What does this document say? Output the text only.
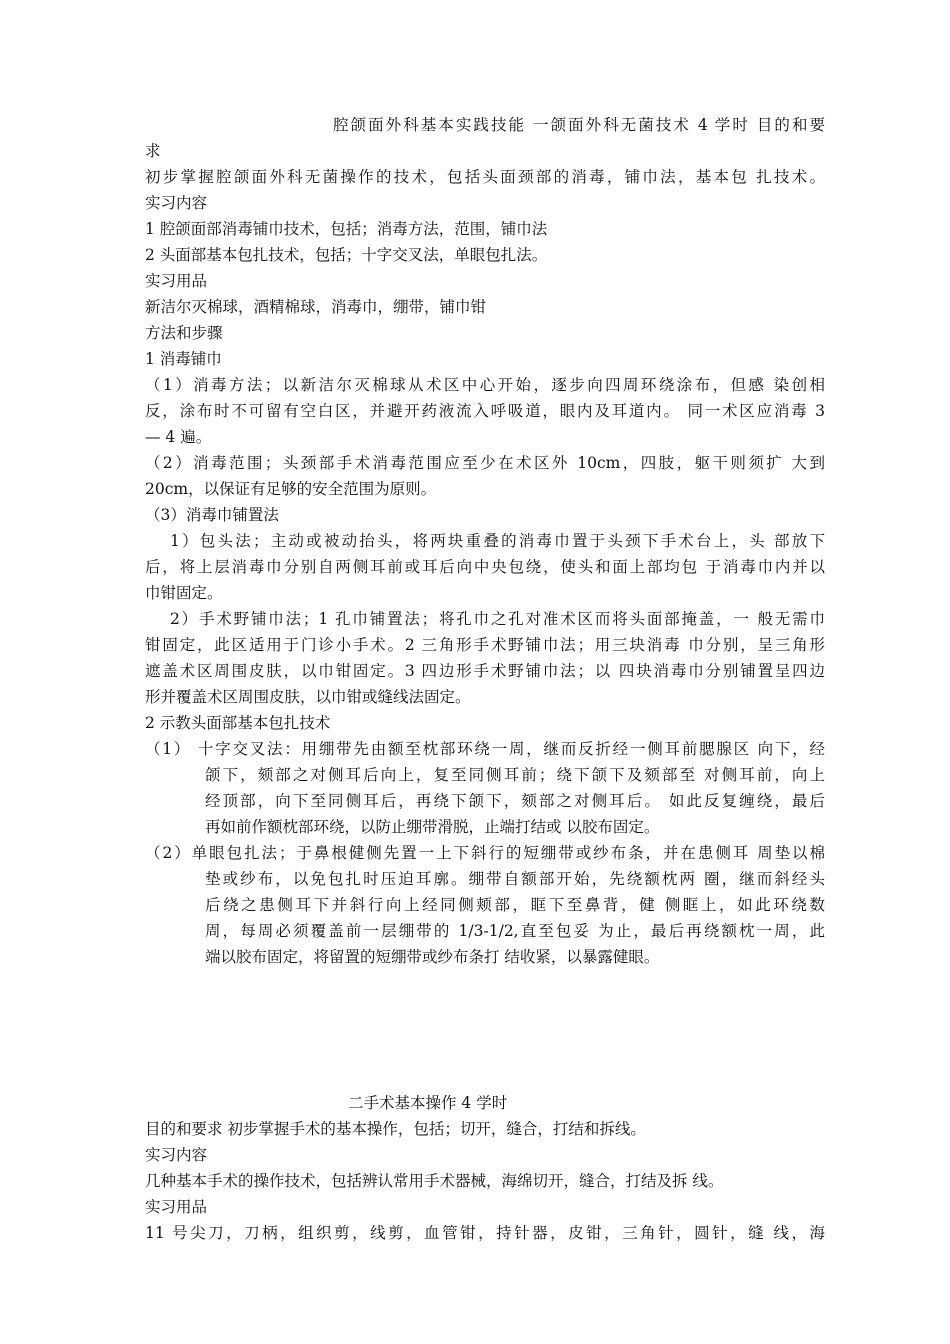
腔颌面外科基本实践技能 一颌面外科无菌技术 4 学时 目的和要
求
初步掌握腔颌面外科无菌操作的技术，包括头面颈部的消毒，铺巾法，基本包 扎技术。
实习内容
1 腔颌面部消毒铺巾技术，包括；消毒方法，范围，铺巾法
2 头面部基本包扎技术，包括；十字交叉法，单眼包扎法。
实习用品
新洁尔灭棉球，酒精棉球，消毒巾，绷带，铺巾钳
方法和步骤
1 消毒铺巾
（1）消毒方法；以新洁尔灭棉球从术区中心开始，逐步向四周环绕涂布，但感 染创相
反，涂布时不可留有空白区，并避开药液流入呼吸道，眼内及耳道内。 同一术区应消毒 3
— 4 遍。
（2）消毒范围；头颈部手术消毒范围应至少在术区外 10cm，四肢，躯干则须扩 大到
20cm，以保证有足够的安全范围为原则。
（3）消毒巾铺置法
1）包头法；主动或被动抬头，将两块重叠的消毒巾置于头颈下手术台上，头 部放下
后，将上层消毒巾分别自两侧耳前或耳后向中央包绕，使头和面上部均包 于消毒巾内并以
巾钳固定。
2）手术野铺巾法；1 孔巾铺置法；将孔巾之孔对准术区而将头面部掩盖，一 般无需巾
钳固定，此区适用于门诊小手术。2 三角形手术野铺巾法；用三块消毒 巾分别，呈三角形
遮盖术区周围皮肤，以巾钳固定。3 四边形手术野铺巾法；以 四块消毒巾分别铺置呈四边
形并覆盖术区周围皮肤，以巾钳或缝线法固定。
2 示教头面部基本包扎技术
（1） 十字交叉法：用绷带先由额至枕部环绕一周，继而反折经一侧耳前腮腺区 向下，经
颌下，颏部之对侧耳后向上，复至同侧耳前；绕下颌下及颏部至 对侧耳前，向上
经顶部，向下至同侧耳后，再绕下颌下，颏部之对侧耳后。 如此反复缠绕，最后
再如前作额枕部环绕，以防止绷带滑脱，止端打结或 以胶布固定。
（2）单眼包扎法；于鼻根健侧先置一上下斜行的短绷带或纱布条，并在患侧耳 周垫以棉
垫或纱布，以免包扎时压迫耳廓。绷带自额部开始，先绕额枕两 圈，继而斜经头
后绕之患侧耳下并斜行向上经同侧颊部，眶下至鼻背，健 侧眶上，如此环绕数
周，每周必须覆盖前一层绷带的 1/3-1/2,直至包妥 为止，最后再绕额枕一周，此
端以胶布固定，将留置的短绷带或纱布条打 结收紧，以暴露健眼。
二手术基本操作 4 学时
目的和要求 初步掌握手术的基本操作，包括；切开，缝合，打结和拆线。
实习内容
几种基本手术的操作技术，包括辨认常用手术器械，海绵切开，缝合，打结及拆 线。
实习用品
11 号尖刀，刀柄，组织剪，线剪，血管钳，持针器，皮钳，三角针，圆针，缝 线，海
